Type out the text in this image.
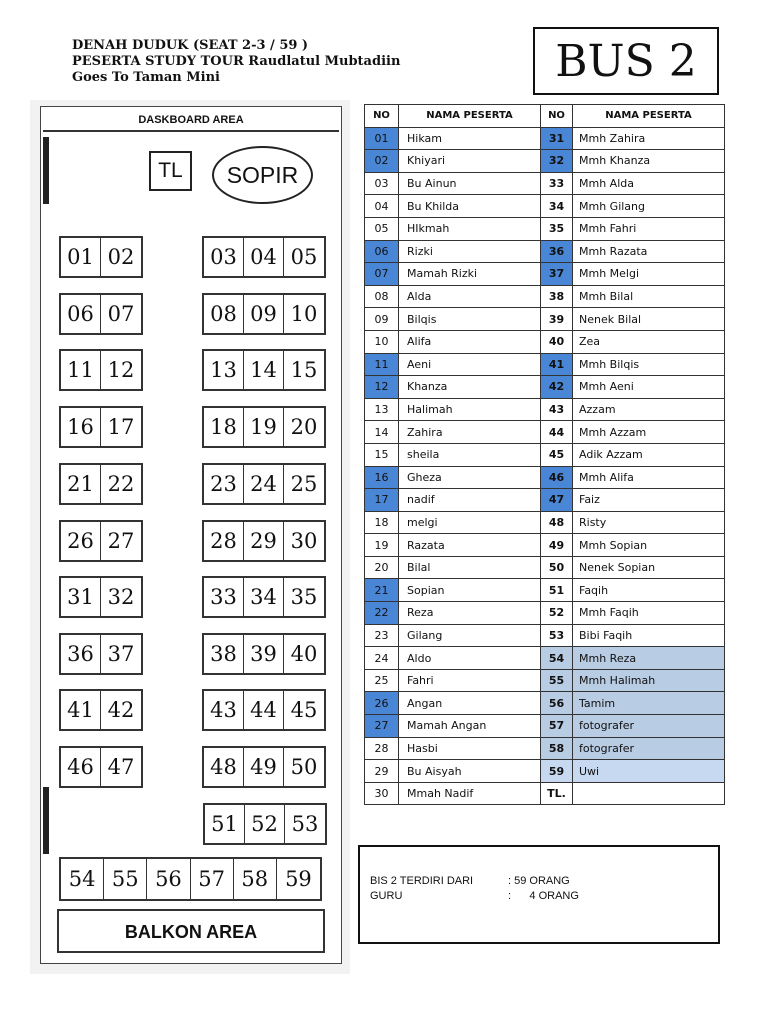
DENAH DUDUK (SEAT 2-3 / 59 )
PESERTA STUDY TOUR Raudlatul Mubtadiin
Goes To Taman Mini	BUS 2
DASKBOARD AREA
TL	SOPIR
54 55 56 57 58 59
BALKON AREA
NO	NAMA PESERTA	NO	NAMA PESERTA
01	Hikam	31	Mmh Zahira
02	Khiyari	32	Mmh Khanza
03	Bu Ainun	33	Mmh Alda
04	Bu Khilda	34	Mmh Gilang
05	HIkmah	35	Mmh Fahri
06	Rizki	36	Mmh Razata
07	Mamah Rizki	37	Mmh Melgi
08	Alda	38	Mmh Bilal
09	Bilqis	39	Nenek Bilal
10	Alifa	40	Zea
11	Aeni	41	Mmh Bilqis
12	Khanza	42	Mmh Aeni
13	Halimah	43	Azzam
14	Zahira	44	Mmh Azzam
15	sheila	45	Adik Azzam
16	Gheza	46	Mmh Alifa
17	nadif	47	Faiz
18	melgi	48	Risty
19	Razata	49	Mmh Sopian
20	Bilal	50	Nenek Sopian
21	Sopian	51	Faqih
22	Reza	52	Mmh Faqih
23	Gilang	53	Bibi Faqih
24	Aldo	54	Mmh Reza
25	Fahri	55	Mmh Halimah
26	Angan	56	Tamim
27	Mamah Angan	57	fotografer
28	Hasbi	58	fotografer
29	Bu Aisyah	59	Uwi
30	Mmah Nadif	TL.	
BIS 2 TERDIRI DARI	: 59 ORANG
GURU	:      4 ORANG
01 02
06 07
11 12
16 17
21 22
26 27
31 32
36 37
41 42
46 47
03 04 05
08 09 10
13 14 15
18 19 20
23 24 25
28 29 30
33 34 35
38 39 40
43 44 45
48 49 50
51 52 53
